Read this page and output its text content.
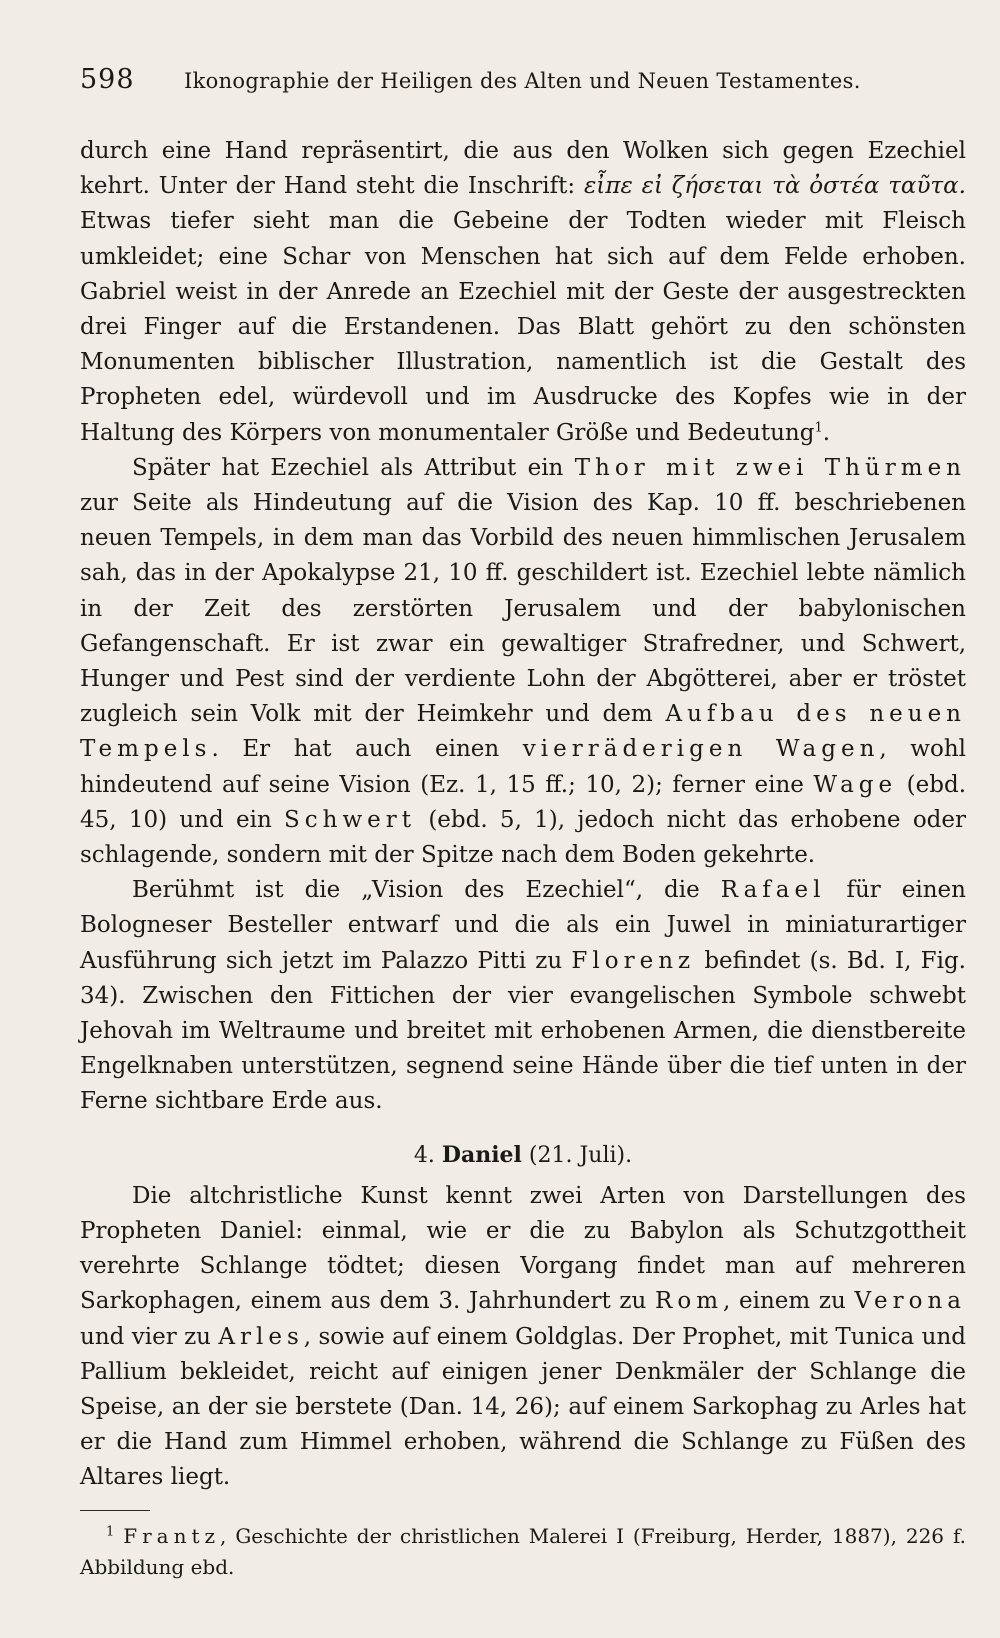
598	Ikonographie der Heiligen des Alten und Neuen Testamentes.

durch eine Hand repräsentirt, die aus den Wolken sich gegen Ezechiel kehrt. Unter der Hand steht die Inschrift: εἶπε εἰ ζήσεται τὰ ὀστέα ταῦτα. Etwas tiefer sieht man die Gebeine der Todten wieder mit Fleisch umkleidet; eine Schar von Menschen hat sich auf dem Felde erhoben. Gabriel weist in der Anrede an Ezechiel mit der Geste der ausgestreckten drei Finger auf die Erstandenen. Das Blatt gehört zu den schönsten Monumenten biblischer Illustration, namentlich ist die Gestalt des Propheten edel, würdevoll und im Ausdrucke des Kopfes wie in der Haltung des Körpers von monumentaler Größe und Bedeutung$^1$.

Später hat Ezechiel als Attribut ein Thor mit zwei Thürmen zur Seite als Hindeutung auf die Vision des Kap. 10 ff. beschriebenen neuen Tempels, in dem man das Vorbild des neuen himmlischen Jerusalem sah, das in der Apokalypse 21, 10 ff. geschildert ist. Ezechiel lebte nämlich in der Zeit des zerstörten Jerusalem und der babylonischen Gefangenschaft. Er ist zwar ein gewaltiger Strafredner, und Schwert, Hunger und Pest sind der verdiente Lohn der Abgötterei, aber er tröstet zugleich sein Volk mit der Heimkehr und dem Aufbau des neuen Tempels. Er hat auch einen vierräderigen Wagen, wohl hindeutend auf seine Vision (Ez. 1, 15 ff.; 10, 2); ferner eine Wage (ebd. 45, 10) und ein Schwert (ebd. 5, 1), jedoch nicht das erhobene oder schlagende, sondern mit der Spitze nach dem Boden gekehrte.

Berühmt ist die „Vision des Ezechiel“, die Rafael für einen Bologneser Besteller entwarf und die als ein Juwel in miniaturartiger Ausführung sich jetzt im Palazzo Pitti zu Florenz befindet (s. Bd. I, Fig. 34). Zwischen den Fittichen der vier evangelischen Symbole schwebt Jehovah im Weltraume und breitet mit erhobenen Armen, die dienstbereite Engelknaben unterstützen, segnend seine Hände über die tief unten in der Ferne sichtbare Erde aus.

4. Daniel (21. Juli).

Die altchristliche Kunst kennt zwei Arten von Darstellungen des Propheten Daniel: einmal, wie er die zu Babylon als Schutzgottheit verehrte Schlange tödtet; diesen Vorgang findet man auf mehreren Sarkophagen, einem aus dem 3. Jahrhundert zu Rom, einem zu Verona und vier zu Arles, sowie auf einem Goldglas. Der Prophet, mit Tunica und Pallium bekleidet, reicht auf einigen jener Denkmäler der Schlange die Speise, an der sie berstete (Dan. 14, 26); auf einem Sarkophag zu Arles hat er die Hand zum Himmel erhoben, während die Schlange zu Füßen des Altares liegt.

$^1$ Frantz, Geschichte der christlichen Malerei I (Freiburg, Herder, 1887), 226 f. Abbildung ebd.
